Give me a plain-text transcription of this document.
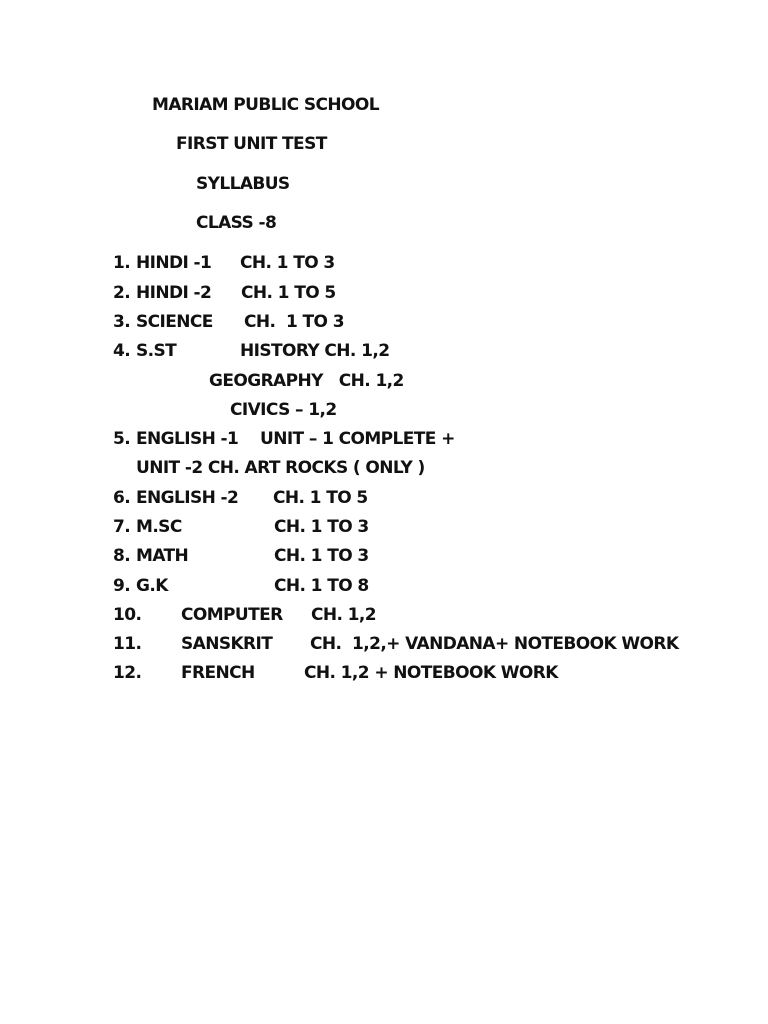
MARIAM PUBLIC SCHOOL
FIRST UNIT TEST
SYLLABUS
CLASS -8
1. HINDI -1 CH. 1 TO 3
2. HINDI -2 CH. 1 TO 5
3. SCIENCE CH.  1 TO 3
4. S.ST	HISTORY CH. 1,2
GEOGRAPHY   CH. 1,2
CIVICS – 1,2
5. ENGLISH -1 UNIT – 1 COMPLETE +
UNIT -2 CH. ART ROCKS ( ONLY )
6. ENGLISH -2 CH. 1 TO 5
7. M.SC	CH. 1 TO 3
8. MATH	CH. 1 TO 3
9. G.K	CH. 1 TO 8
10. COMPUTER CH. 1,2
11. SANSKRIT CH.  1,2,+ VANDANA+ NOTEBOOK WORK
12. FRENCH	CH. 1,2 + NOTEBOOK WORK
